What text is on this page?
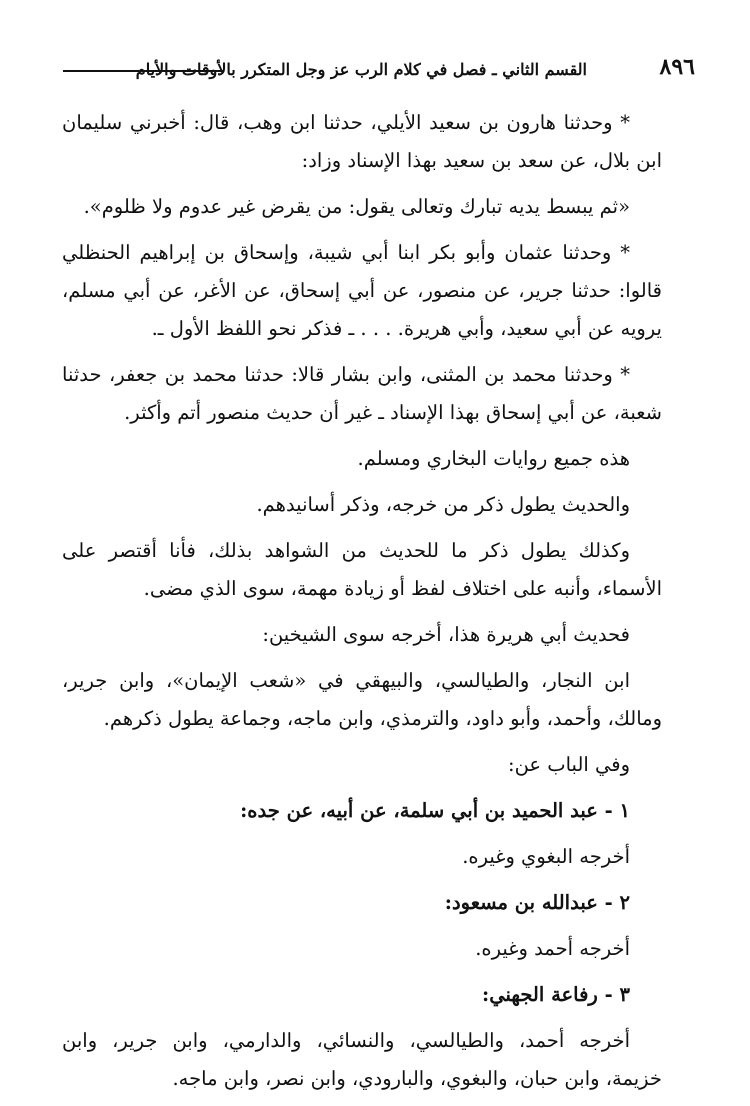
٨٩٦
القسم الثاني ـ فصل في كلام الرب عز وجل المتكرر بالأوقات والأيام

* وحدثنا هارون بن سعيد الأيلي، حدثنا ابن وهب، قال: أخبرني سليمان ابن بلال، عن سعد بن سعيد بهذا الإسناد وزاد:

«ثم يبسط يديه تبارك وتعالى يقول: من يقرض غير عدوم ولا ظلوم».

* وحدثنا عثمان وأبو بكر ابنا أبي شيبة، وإسحاق بن إبراهيم الحنظلي قالوا: حدثنا جرير، عن منصور، عن أبي إسحاق، عن الأغر، عن أبي مسلم، يرويه عن أبي سعيد، وأبي هريرة. . . . ـ فذكر نحو اللفظ الأول ـ.

* وحدثنا محمد بن المثنى، وابن بشار قالا: حدثنا محمد بن جعفر، حدثنا شعبة، عن أبي إسحاق بهذا الإسناد ـ غير أن حديث منصور أتم وأكثر.

هذه جميع روايات البخاري ومسلم.

والحديث يطول ذكر من خرجه، وذكر أسانيدهم.

وكذلك يطول ذكر ما للحديث من الشواهد بذلك، فأنا أقتصر على الأسماء، وأنبه على اختلاف لفظ أو زيادة مهمة، سوى الذي مضى.

فحديث أبي هريرة هذا، أخرجه سوى الشيخين:

ابن النجار، والطيالسي، والبيهقي في «شعب الإيمان»، وابن جرير، ومالك، وأحمد، وأبو داود، والترمذي، وابن ماجه، وجماعة يطول ذكرهم.

وفي الباب عن:

١ - عبد الحميد بن أبي سلمة، عن أبيه، عن جده:

أخرجه البغوي وغيره.

٢ - عبدالله بن مسعود:

أخرجه أحمد وغيره.

٣ - رفاعة الجهني:

أخرجه أحمد، والطيالسي، والنسائي، والدارمي، وابن جرير، وابن خزيمة، وابن حبان، والبغوي، والبارودي، وابن نصر، وابن ماجه.
